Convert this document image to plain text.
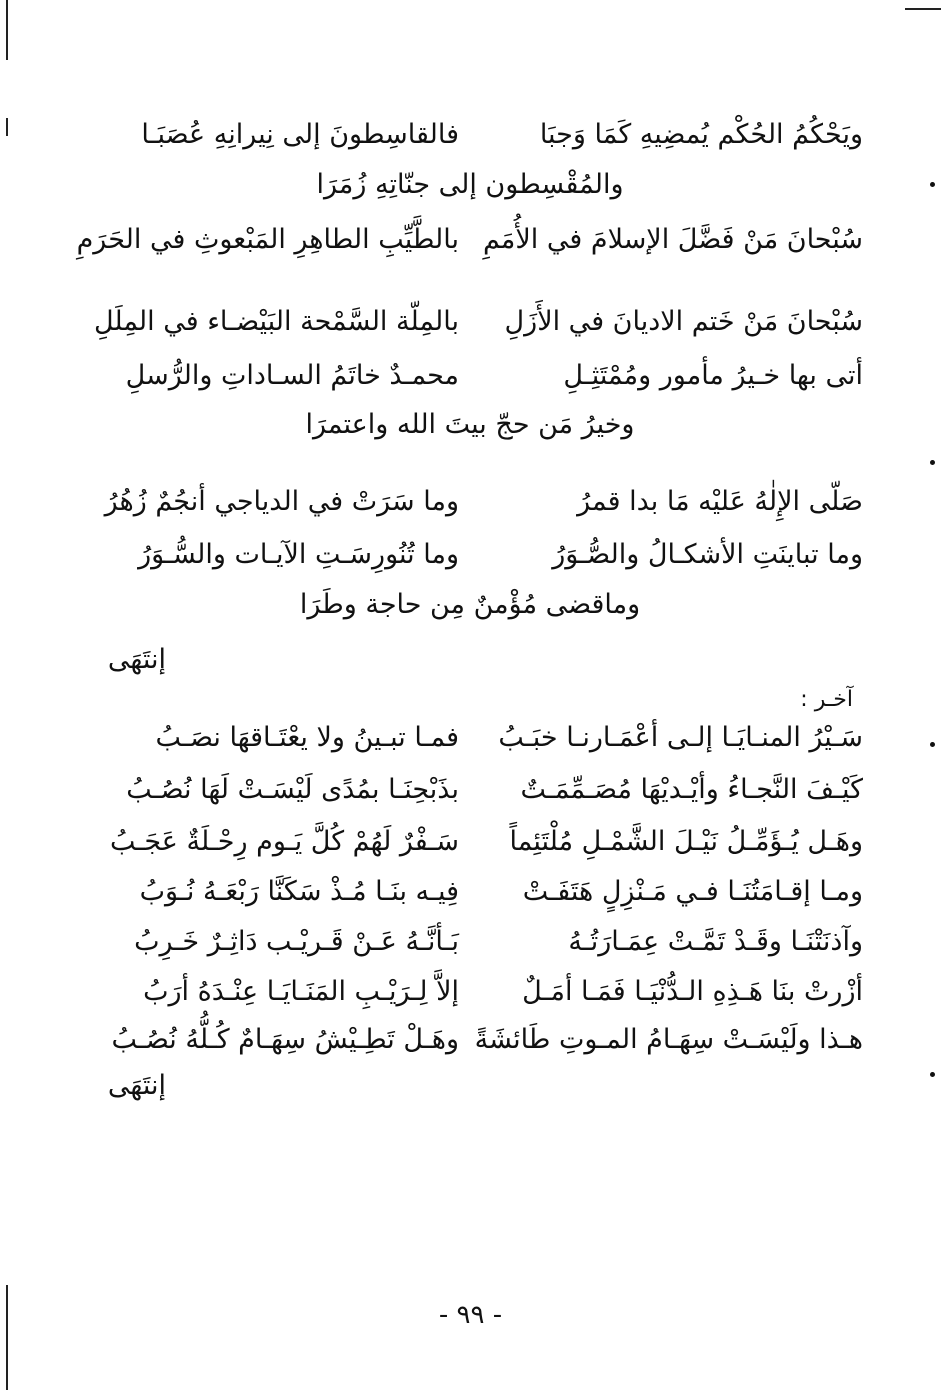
ويَحْكُمُ الحُكْم يُمضِيهِ كَمَا وَجبَا
فالقاسِطونَ إلى نِيرانِهِ عُصَبَـا
والمُقْسِطون إلى جنّاتِهِ زُمَرَا
سُبْحانَ مَنْ فَضَّلَ الإسلامَ في الأُمَمِ
بالطَّيِّبِ الطاهِرِ المَبْعوثِ في الحَرَمِ
سُبْحانَ مَنْ خَتم الاديانَ في الأَزَلِ
بالمِلّة السَّمْحة البَيْضـاء في المِلَلِ
أتى بها خـيرُ مأمور ومُمْتَثِـلِ
محمـدٌ خاتَمُ السـاداتِ والرُّسلِ
وخيرُ مَن حجّ بيتَ الله واعتمرَا
صَلّى الإِلٰهُ عَليْه مَا بدا قمرُ
وما سَرَتْ في الدياجي أنجُمٌ زُهُرُ
وما تباينَتِ الأشكـالُ والصُّـوَرُ
وما تُنُورِسَـتِ الآيـات والسُّـوَرُ
وماقضى مُؤْمنٌ مِن حاجة وطَرَا
إنتَهَى
آخـر :
سَـيْرُ المنـايَـا إلـى أعْمَـارنـا خبَـبُ
فمـا تبـينُ ولا يعْتَـاقهَا نصَـبُ
كَيْـفَ النَّجـاءُ وأيْـديْهَا مُصَـمِّمَـتٌ
بذَبْحِنَـا بمُدًى لَيْسَـتْ لَهَا نُصُـبُ
وهَـل يُـؤَمِّـلُ نَيْـلَ الشَّمْـلِ مُلْتَئِماً
سَـفْرٌ لَهُمْ كُلَّ يَـوم رِحْـلَةٌ عَجَـبُ
ومـا إقـامَتُنَـا فـي مَـنْزِلٍ هَتَفَـتْ
فِيـه بنَـا مُـذْ سَكَنَّا رَبْعَـهُ نُـوَبُ
وآذنَتْنَـا وقَـدْ تَمَّـتْ عِمَـارَتُـهُ
بَـأنَّـهُ عَـنْ قَـريْـب دَاثِـرٌ خَـرِبُ
أزْرتْ بنَا هَـذِهِ الـدُّنْيَـا فَمَـا أمَـلٌ
إلاَّ لِـرَيْـبِ المَنَـايَـا عِنْـدَهُ أرَبُ
هـذا ولَيْسَـتْ سِهَـامُ المـوتِ طَائشَةً
وهَـلْ تَطِـيْشُ سِهَـامٌ كُـلُّهُ نُصُـبُ
إنتَهَى
- ٩٩ -
